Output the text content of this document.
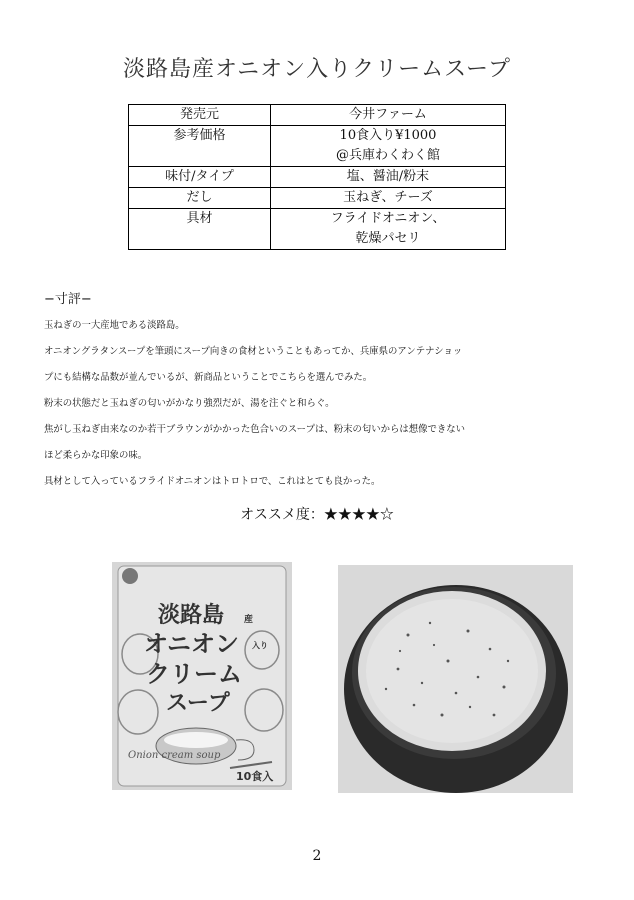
淡路島産オニオン入りクリームスープ
発売元	今井ファーム

参考価格	10食入り¥1000
@兵庫わくわく館

味付/タイプ	塩、醤油/粉末

だし	玉ねぎ、チーズ

具材	フライドオニオン、
乾燥パセリ
−寸評−

玉ねぎの一大産地である淡路島。

オニオングラタンスープを筆頭にスープ向きの食材ということもあってか、兵庫県のアンテナショッ

プにも結構な品数が並んでいるが、新商品ということでこちらを選んでみた。

粉末の状態だと玉ねぎの匂いがかなり強烈だが、湯を注ぐと和らぐ。

焦がし玉ねぎ由来なのか若干ブラウンがかかった色合いのスープは、粉末の匂いからは想像できない

ほど柔らかな印象の味。

具材として入っているフライドオニオンはトロトロで、これはとても良かった。

オススメ度：★★★★☆
淡路島 産
オニオン 入り
クリーム
スープ
Onion cream soup
10食入
2
